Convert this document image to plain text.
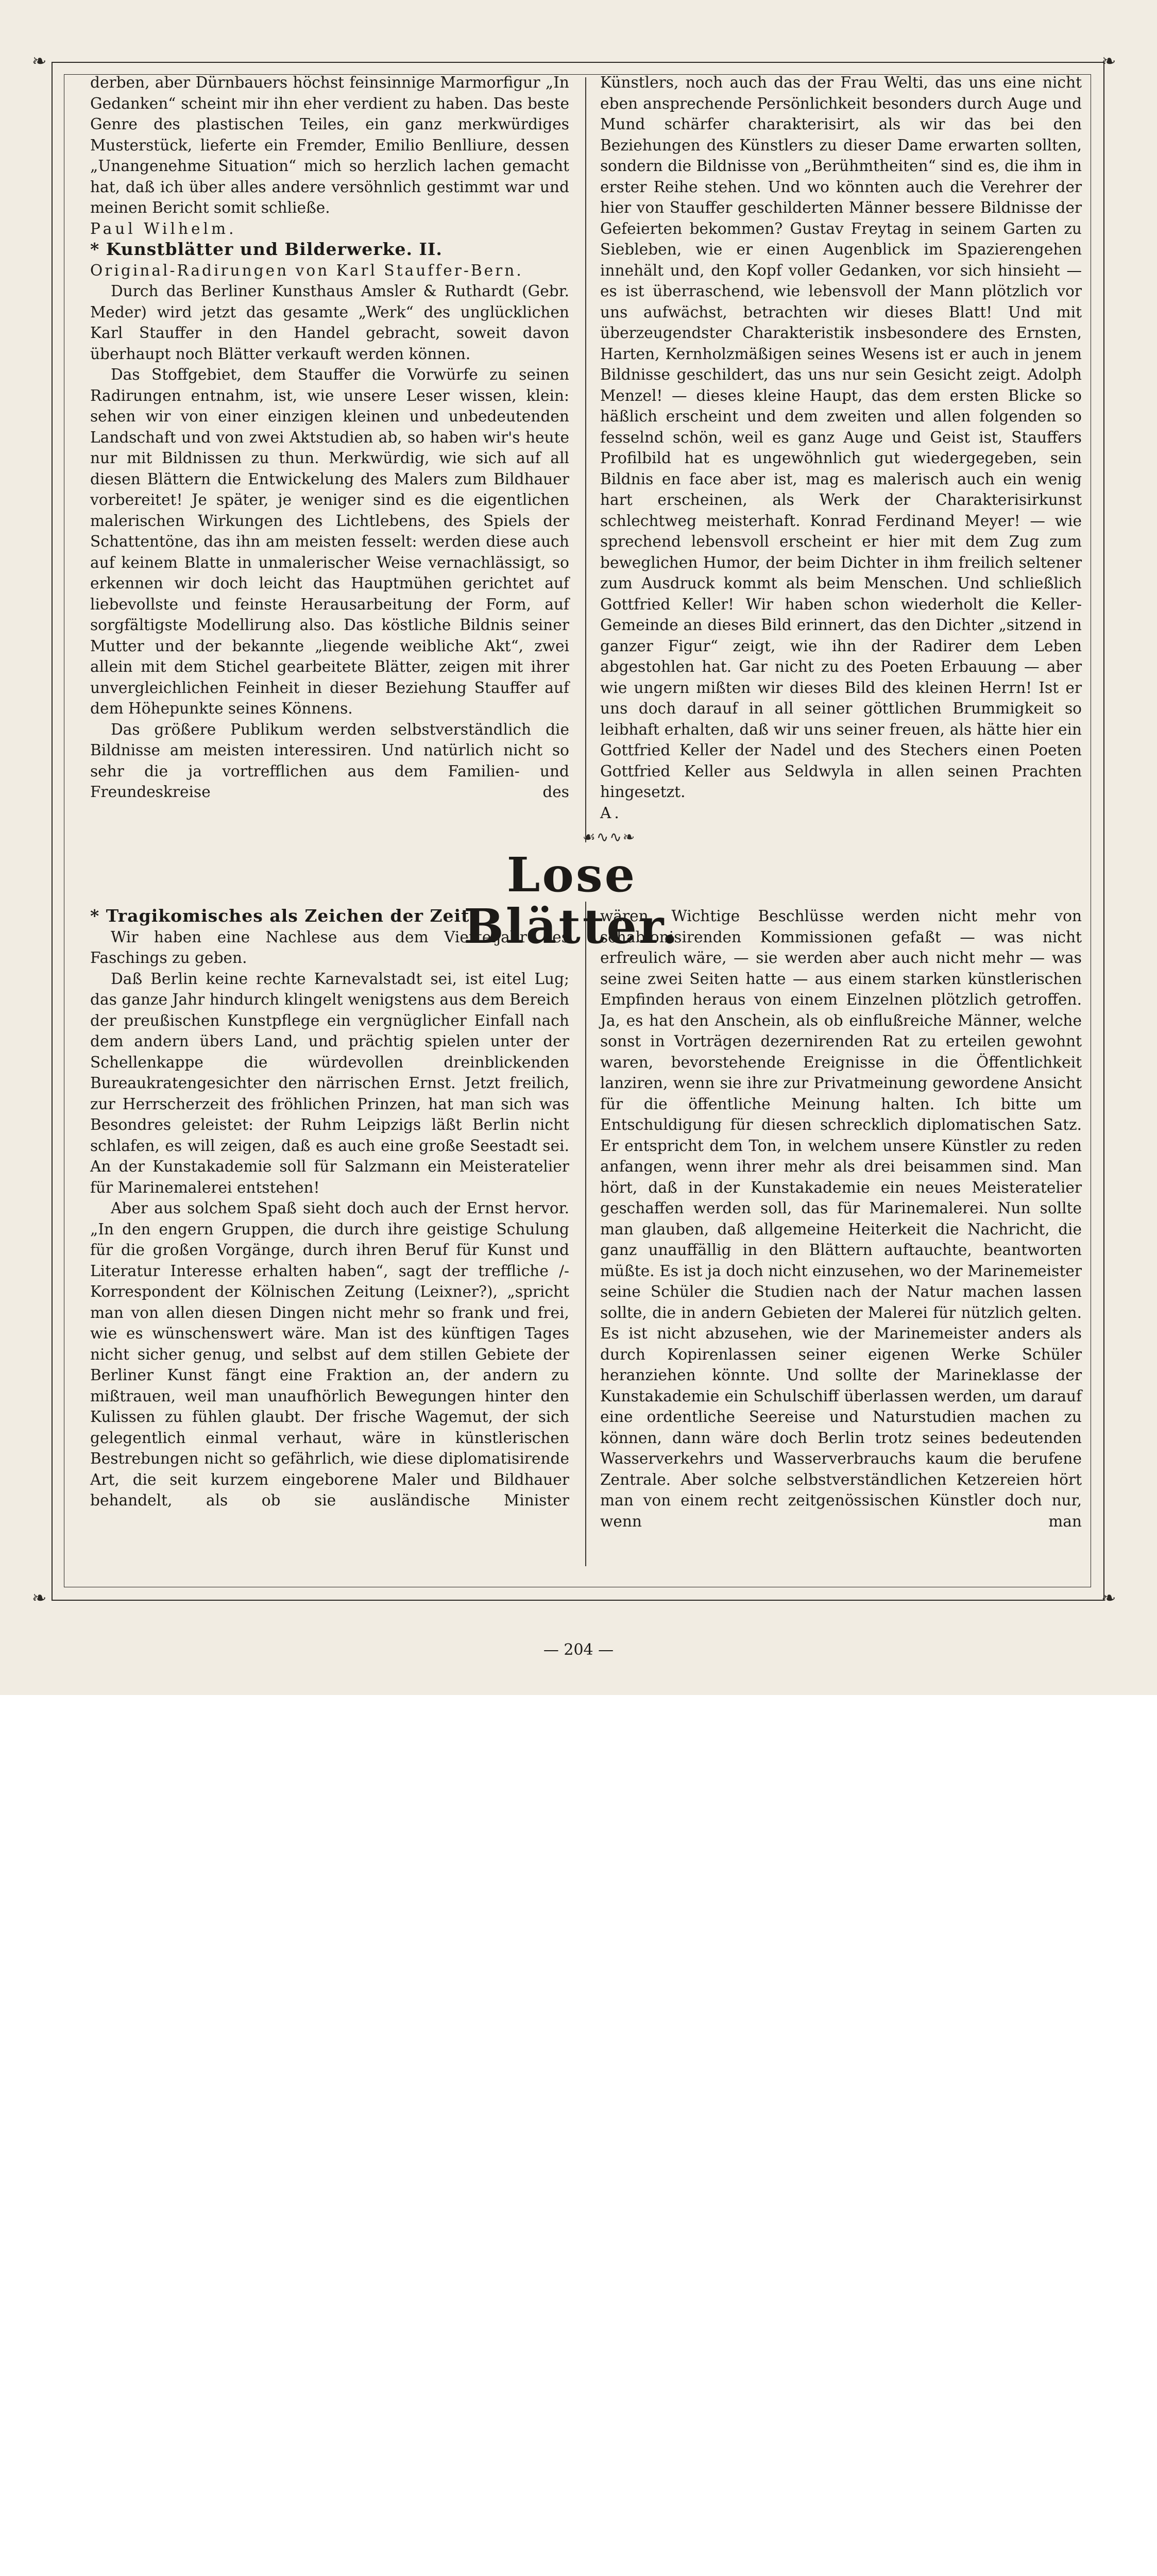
❧	❧
❧	❧

derben, aber Dürnbauers höchst feinsinnige Marmorfigur „In Gedanken“ scheint mir ihn eher verdient zu haben. Das beste Genre des plastischen Teiles, ein ganz merkwürdiges Musterstück, lieferte ein Fremder, Emilio Benlliure, dessen „Unangenehme Situation“ mich so herzlich lachen gemacht hat, daß ich über alles andere versöhnlich gestimmt war und meinen Bericht somit schließe.

Paul Wilhelm.

* Kunstblätter und Bilderwerke. II.

Original-Radirungen von Karl Stauffer-Bern.

Durch das Berliner Kunsthaus Amsler & Ruthardt (Gebr. Meder) wird jetzt das gesamte „Werk“ des unglücklichen Karl Stauffer in den Handel gebracht, soweit davon überhaupt noch Blätter verkauft werden können.

Das Stoffgebiet, dem Stauffer die Vorwürfe zu seinen Radirungen entnahm, ist, wie unsere Leser wissen, klein: sehen wir von einer einzigen kleinen und unbedeutenden Landschaft und von zwei Aktstudien ab, so haben wir's heute nur mit Bildnissen zu thun. Merkwürdig, wie sich auf all diesen Blättern die Entwickelung des Malers zum Bildhauer vorbereitet! Je später, je weniger sind es die eigentlichen malerischen Wirkungen des Lichtlebens, des Spiels der Schattentöne, das ihn am meisten fesselt: werden diese auch auf keinem Blatte in unmalerischer Weise vernachlässigt, so erkennen wir doch leicht das Hauptmühen gerichtet auf liebevollste und feinste Herausarbeitung der Form, auf sorgfältigste Modellirung also. Das köstliche Bildnis seiner Mutter und der bekannte „liegende weibliche Akt“, zwei allein mit dem Stichel gearbeitete Blätter, zeigen mit ihrer unvergleichlichen Feinheit in dieser Beziehung Stauffer auf dem Höhepunkte seines Könnens.

Das größere Publikum werden selbstverständlich die Bildnisse am meisten interessiren. Und natürlich nicht so sehr die ja vortrefflichen aus dem Familien- und Freundeskreise des

Künstlers, noch auch das der Frau Welti, das uns eine nicht eben ansprechende Persönlichkeit besonders durch Auge und Mund schärfer charakterisirt, als wir das bei den Beziehungen des Künstlers zu dieser Dame erwarten sollten, sondern die Bildnisse von „Berühmtheiten“ sind es, die ihm in erster Reihe stehen. Und wo könnten auch die Verehrer der hier von Stauffer geschilderten Männer bessere Bildnisse der Gefeierten bekommen? Gustav Freytag in seinem Garten zu Siebleben, wie er einen Augenblick im Spazierengehen innehält und, den Kopf voller Gedanken, vor sich hinsieht — es ist überraschend, wie lebensvoll der Mann plötzlich vor uns aufwächst, betrachten wir dieses Blatt! Und mit überzeugendster Charakteristik insbesondere des Ernsten, Harten, Kernholzmäßigen seines Wesens ist er auch in jenem Bildnisse geschildert, das uns nur sein Gesicht zeigt. Adolph Menzel! — dieses kleine Haupt, das dem ersten Blicke so häßlich erscheint und dem zweiten und allen folgenden so fesselnd schön, weil es ganz Auge und Geist ist, Stauffers Profilbild hat es ungewöhnlich gut wiedergegeben, sein Bildnis en face aber ist, mag es malerisch auch ein wenig hart erscheinen, als Werk der Charakterisirkunst schlechtweg meisterhaft. Konrad Ferdinand Meyer! — wie sprechend lebensvoll erscheint er hier mit dem Zug zum beweglichen Humor, der beim Dichter in ihm freilich seltener zum Ausdruck kommt als beim Menschen. Und schließlich Gottfried Keller! Wir haben schon wiederholt die Keller-Gemeinde an dieses Bild erinnert, das den Dichter „sitzend in ganzer Figur“ zeigt, wie ihn der Radirer dem Leben abgestohlen hat. Gar nicht zu des Poeten Erbauung — aber wie ungern mißten wir dieses Bild des kleinen Herrn! Ist er uns doch darauf in all seiner göttlichen Brummigkeit so leibhaft erhalten, daß wir uns seiner freuen, als hätte hier ein Gottfried Keller der Nadel und des Stechers einen Poeten Gottfried Keller aus Seldwyla in allen seinen Prachten hingesetzt.

A.

☙∿∿❧
Lose Blätter.

* Tragikomisches als Zeichen der Zeit.

Wir haben eine Nachlese aus dem Vierteljahr des Faschings zu geben.

Daß Berlin keine rechte Karnevalstadt sei, ist eitel Lug; das ganze Jahr hindurch klingelt wenigstens aus dem Bereich der preußischen Kunstpflege ein vergnüglicher Einfall nach dem andern übers Land, und prächtig spielen unter der Schellenkappe die würdevollen dreinblickenden Bureaukratengesichter den närrischen Ernst. Jetzt freilich, zur Herrscherzeit des fröhlichen Prinzen, hat man sich was Besondres geleistet: der Ruhm Leipzigs läßt Berlin nicht schlafen, es will zeigen, daß es auch eine große Seestadt sei. An der Kunstakademie soll für Salzmann ein Meisteratelier für Marinemalerei entstehen!

Aber aus solchem Spaß sieht doch auch der Ernst hervor. „In den engern Gruppen, die durch ihre geistige Schulung für die großen Vorgänge, durch ihren Beruf für Kunst und Literatur Interesse erhalten haben“, sagt der treffliche /-Korrespondent der Kölnischen Zeitung (Leixner?), „spricht man von allen diesen Dingen nicht mehr so frank und frei, wie es wünschenswert wäre. Man ist des künftigen Tages nicht sicher genug, und selbst auf dem stillen Gebiete der Berliner Kunst fängt eine Fraktion an, der andern zu mißtrauen, weil man unaufhörlich Bewegungen hinter den Kulissen zu fühlen glaubt. Der frische Wagemut, der sich gelegentlich einmal verhaut, wäre in künstlerischen Bestrebungen nicht so gefährlich, wie diese diplomatisirende Art, die seit kurzem eingeborene Maler und Bildhauer behandelt, als ob sie ausländische Minister

wären. Wichtige Beschlüsse werden nicht mehr von schablonisirenden Kommissionen gefaßt — was nicht erfreulich wäre, — sie werden aber auch nicht mehr — was seine zwei Seiten hatte — aus einem starken künstlerischen Empfinden heraus von einem Einzelnen plötzlich getroffen. Ja, es hat den Anschein, als ob einflußreiche Männer, welche sonst in Vorträgen dezernirenden Rat zu erteilen gewohnt waren, bevorstehende Ereignisse in die Öffentlichkeit lanziren, wenn sie ihre zur Privatmeinung gewordene Ansicht für die öffentliche Meinung halten. Ich bitte um Entschuldigung für diesen schrecklich diplomatischen Satz. Er entspricht dem Ton, in welchem unsere Künstler zu reden anfangen, wenn ihrer mehr als drei beisammen sind. Man hört, daß in der Kunstakademie ein neues Meisteratelier geschaffen werden soll, das für Marinemalerei. Nun sollte man glauben, daß allgemeine Heiterkeit die Nachricht, die ganz unauffällig in den Blättern auftauchte, beantworten müßte. Es ist ja doch nicht einzusehen, wo der Marinemeister seine Schüler die Studien nach der Natur machen lassen sollte, die in andern Gebieten der Malerei für nützlich gelten. Es ist nicht abzusehen, wie der Marinemeister anders als durch Kopirenlassen seiner eigenen Werke Schüler heranziehen könnte. Und sollte der Marineklasse der Kunstakademie ein Schulschiff überlassen werden, um darauf eine ordentliche Seereise und Naturstudien machen zu können, dann wäre doch Berlin trotz seines bedeutenden Wasserverkehrs und Wasserverbrauchs kaum die berufene Zentrale. Aber solche selbstverständlichen Ketzereien hört man von einem recht zeitgenössischen Künstler doch nur, wenn man

— 204 —
